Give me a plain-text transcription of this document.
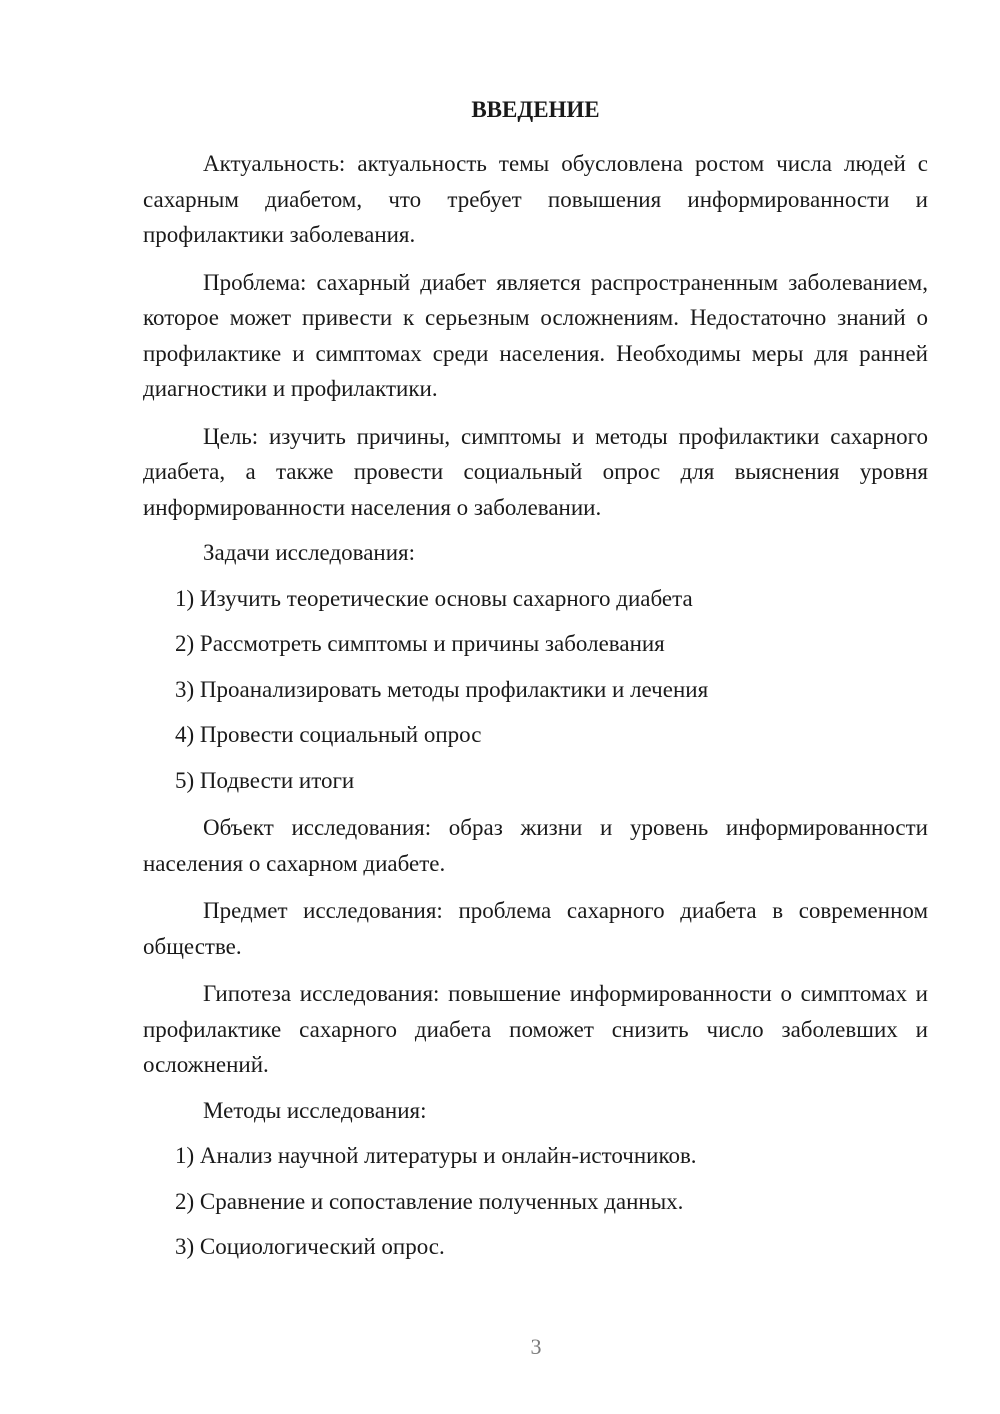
ВВЕДЕНИЕ

Актуальность: актуальность темы обусловлена ростом числа людей с сахарным диабетом, что требует повышения информированности и профилактики заболевания.

Проблема: сахарный диабет является распространенным заболеванием, которое может привести к серьезным осложнениям. Недостаточно знаний о профилактике и симптомах среди населения. Необходимы меры для ранней диагностики и профилактики.

Цель: изучить причины, симптомы и методы профилактики сахарного диабета, а также провести социальный опрос для выяснения уровня информированности населения о заболевании.

Задачи исследования:

1) Изучить теоретические основы сахарного диабета
2) Рассмотреть симптомы и причины заболевания
3) Проанализировать методы профилактики и лечения
4) Провести социальный опрос
5) Подвести итоги

Объект исследования: образ жизни и уровень информированности населения о сахарном диабете.

Предмет исследования: проблема сахарного диабета в современном обществе.

Гипотеза исследования: повышение информированности о симптомах и профилактике сахарного диабета поможет снизить число заболевших и осложнений.

Методы исследования:

1) Анализ научной литературы и онлайн-источников.
2) Сравнение и сопоставление полученных данных.
3) Социологический опрос.
3
